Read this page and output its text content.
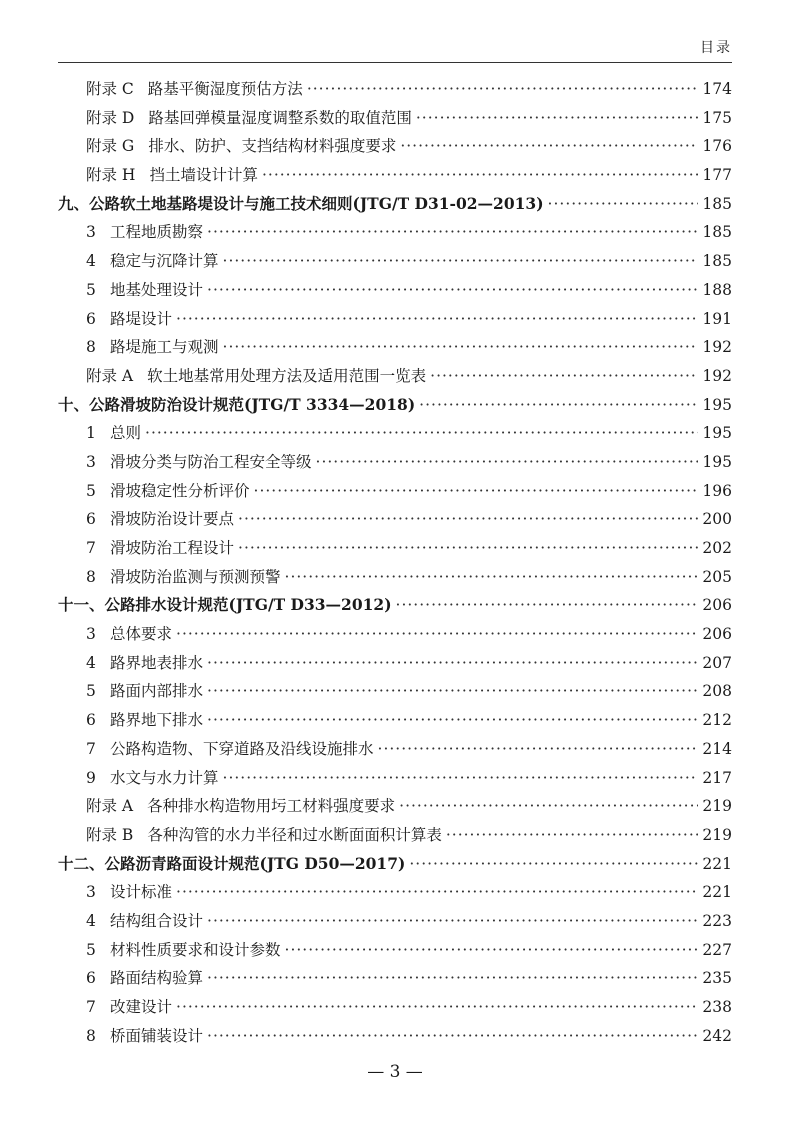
目录
附录 C 路基平衡湿度预估方法 ·····	174
附录 D 路基回弹模量湿度调整系数的取值范围 ·····	175
附录 G 排水、防护、支挡结构材料强度要求 ·····	176
附录 H 挡土墙设计计算 ·····	177
九、 公路软土地基路堤设计与施工技术细则(JTG/T D31-02—2013) ·····	185
3 工程地质勘察 ·····	185
4 稳定与沉降计算 ·····	185
5 地基处理设计 ·····	188
6 路堤设计 ·····	191
8 路堤施工与观测 ·····	192
附录 A 软土地基常用处理方法及适用范围一览表 ·····	192
十、 公路滑坡防治设计规范(JTG/T 3334—2018) ·····	195
1 总则 ·····	195
3 滑坡分类与防治工程安全等级 ·····	195
5 滑坡稳定性分析评价 ·····	196
6 滑坡防治设计要点 ·····	200
7 滑坡防治工程设计 ·····	202
8 滑坡防治监测与预测预警 ·····	205
十一、 公路排水设计规范(JTG/T D33—2012) ·····	206
3 总体要求 ·····	206
4 路界地表排水 ·····	207
5 路面内部排水 ·····	208
6 路界地下排水 ·····	212
7 公路构造物、下穿道路及沿线设施排水 ·····	214
9 水文与水力计算 ·····	217
附录 A 各种排水构造物用圬工材料强度要求 ·····	219
附录 B 各种沟管的水力半径和过水断面面积计算表 ·····	219
十二、 公路沥青路面设计规范(JTG D50—2017) ·····	221
3 设计标准 ·····	221
4 结构组合设计 ·····	223
5 材料性质要求和设计参数 ·····	227
6 路面结构验算 ·····	235
7 改建设计 ·····	238
8 桥面铺装设计 ·····	242
— 3 —
